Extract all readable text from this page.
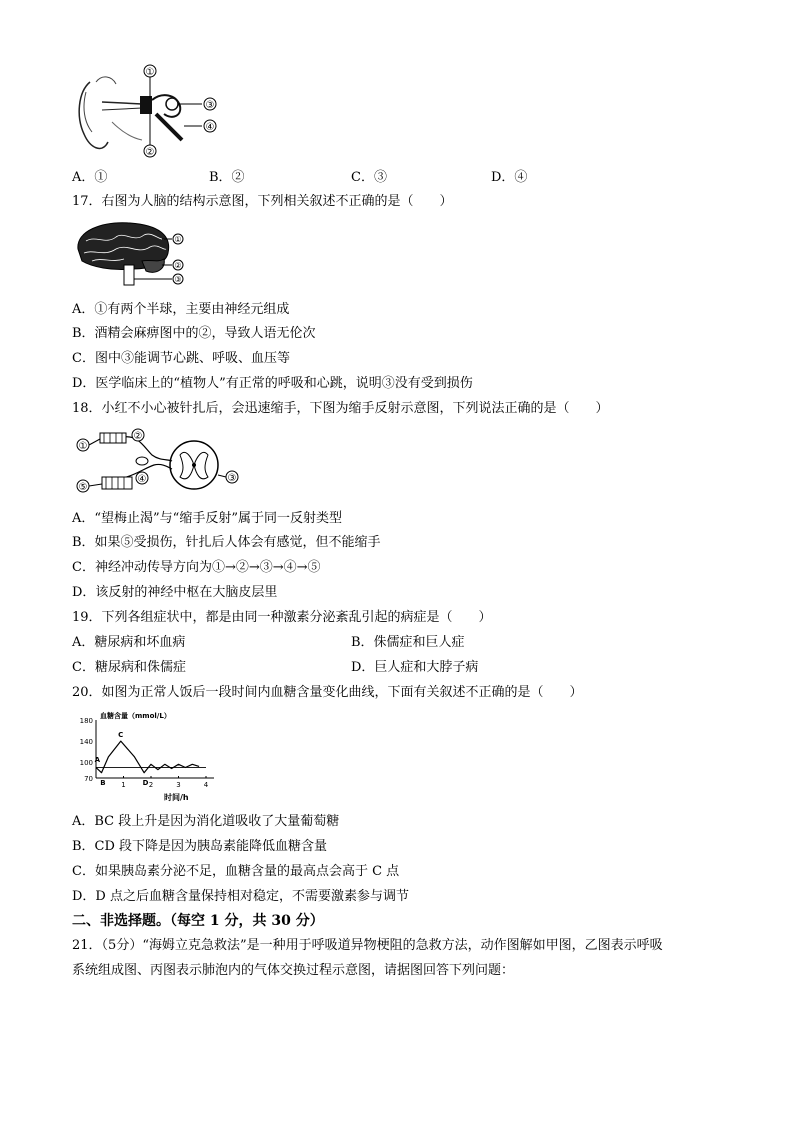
①
②
③
④
A．①	B．②	C．③	D．④
17．右图为人脑的结构示意图，下列相关叙述不正确的是（　　）
①
②
③
A．①有两个半球，主要由神经元组成
B．酒精会麻痹图中的②，导致人语无伦次
C．图中③能调节心跳、呼吸、血压等
D．医学临床上的“植物人”有正常的呼吸和心跳，说明③没有受到损伤
18．小红不小心被针扎后，会迅速缩手，下图为缩手反射示意图，下列说法正确的是（　　）
①
②
③
④
⑤
A．“望梅止渴”与“缩手反射”属于同一反射类型
B．如果⑤受损伤，针扎后人体会有感觉，但不能缩手
C．神经冲动传导方向为①→②→③→④→⑤
D．该反射的神经中枢在大脑皮层里
19．下列各组症状中，都是由同一种激素分泌紊乱引起的病症是（　　）
A．糖尿病和坏血病	B．侏儒症和巨人症
C．糖尿病和侏儒症	D．巨人症和大脖子病
20．如图为正常人饭后一段时间内血糖含量变化曲线，下面有关叙述不正确的是（　　）
血糖含量（mmol/L）
时间/h
70
100
140
180
1	2	3	4
A
B
C
D
A．BC 段上升是因为消化道吸收了大量葡萄糖
B．CD 段下降是因为胰岛素能降低血糖含量
C．如果胰岛素分泌不足，血糖含量的最高点会高于 C 点
D．D 点之后血糖含量保持相对稳定，不需要激素参与调节
二、非选择题。（每空 1 分，共 30 分）
21．（5分）“海姆立克急救法”是一种用于呼吸道异物梗阻的急救方法，动作图解如甲图，乙图表示呼吸
系统组成图、丙图表示肺泡内的气体交换过程示意图，请据图回答下列问题：
